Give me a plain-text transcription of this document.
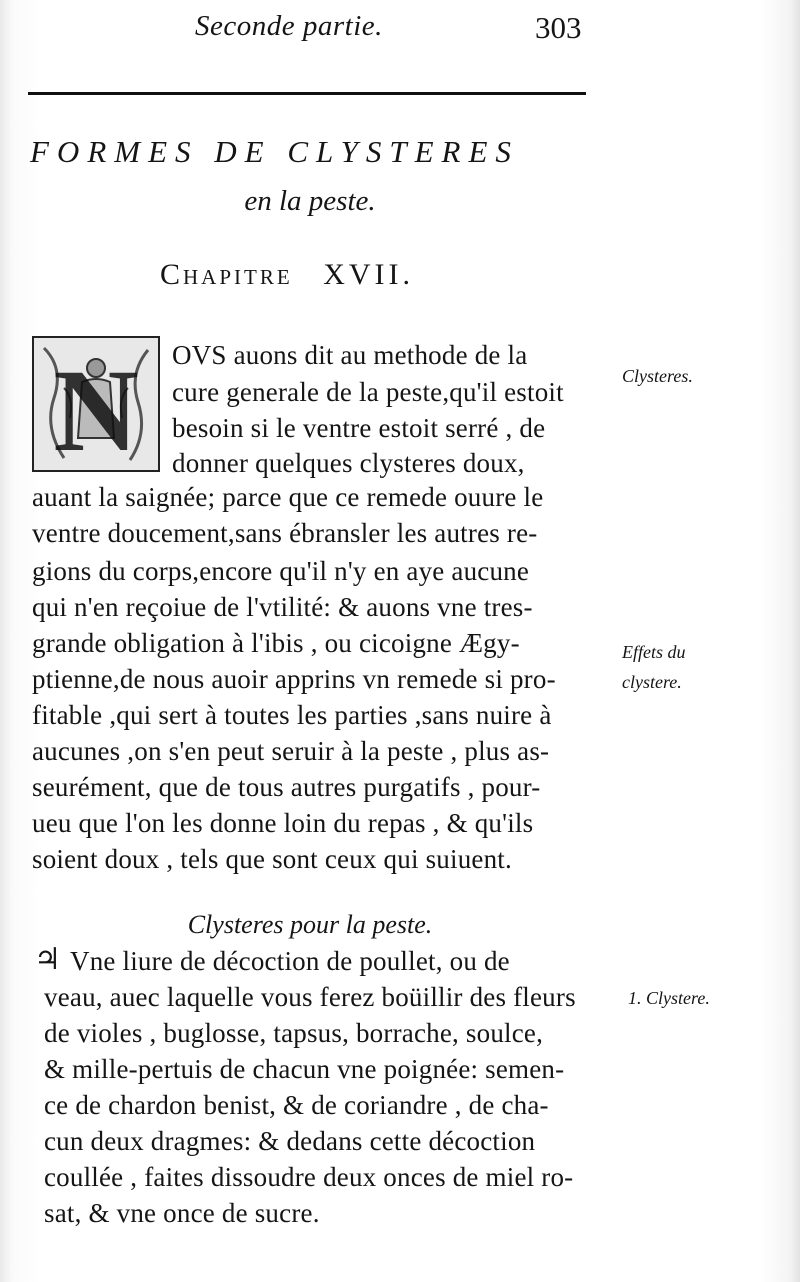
Seconde partie.	303
FORMES DE CLYSTERES
en la peste.
Chapitre XVII.
N OVS auons dit au methode de la
cure generale de la peste,qu'il estoit
besoin si le ventre estoit serré , de
donner quelques clysteres doux,
auant la saignée; parce que ce remede ouure le
ventre doucement,sans ébransler les autres re-
gions du corps,encore qu'il n'y en aye aucune
qui n'en reçoiue de l'vtilité: & auons vne tres-
grande obligation à l'ibis , ou cicoigne Ægy-
ptienne,de nous auoir apprins vn remede si pro-
fitable ,qui sert à toutes les parties ,sans nuire à
aucunes ,on s'en peut seruir à la peste , plus as-
seurément, que de tous autres purgatifs , pour-
ueu que l'on les donne loin du repas , & qu'ils
soient doux , tels que sont ceux qui suiuent.
Clysteres pour la peste.
♃ Vne liure de décoction de poullet, ou de
veau, auec laquelle vous ferez boüillir des fleurs
de violes , buglosse, tapsus, borrache, soulce,
& mille-pertuis de chacun vne poignée: semen-
ce de chardon benist, & de coriandre , de cha-
cun deux dragmes: & dedans cette décoction
coullée , faites dissoudre deux onces de miel ro-
sat, & vne once de sucre.
Clysteres.
Effets du
clystere.
1. Clystere.
